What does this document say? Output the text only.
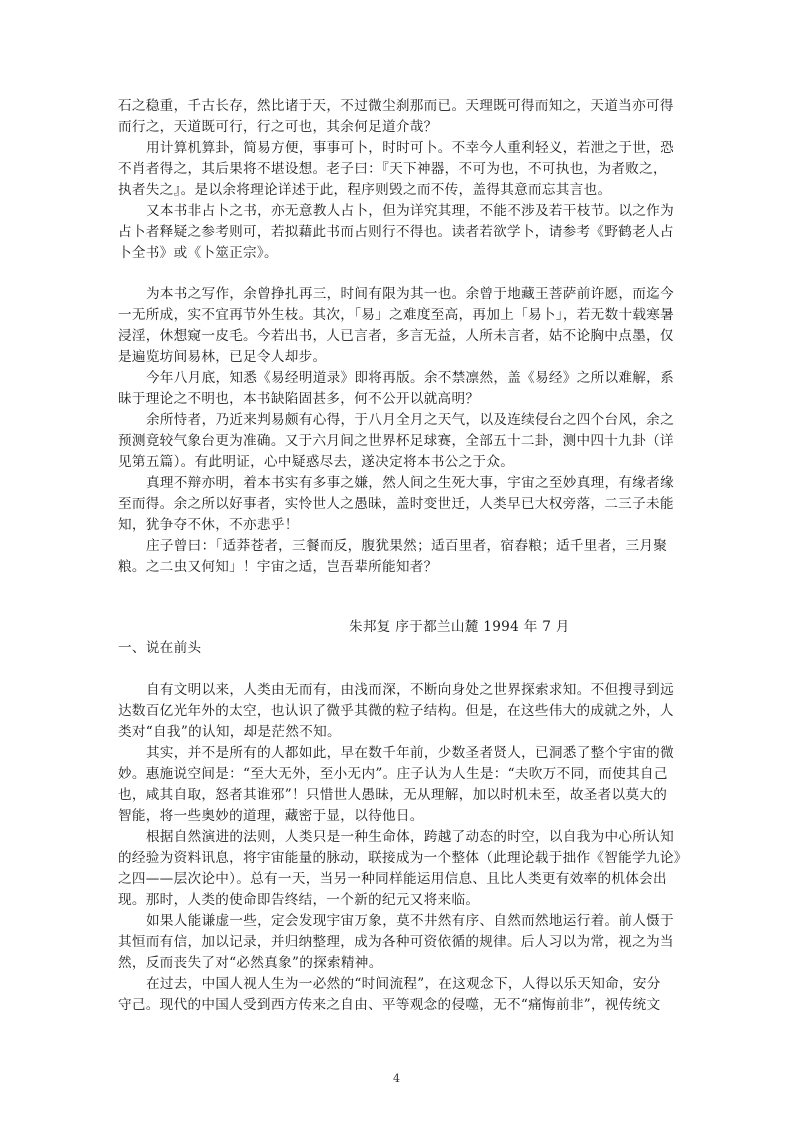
石之稳重，千古长存，然比诸于天，不过微尘刹那而已。天理既可得而知之，天道当亦可得
而行之，天道既可行，行之可也，其余何足道介哉？
用计算机算卦，简易方便，事事可卜，时时可卜。不幸今人重利轻义，若泄之于世，恐
不肖者得之，其后果将不堪设想。老子曰：『天下神器，不可为也，不可执也，为者败之，
执者失之』。是以余将理论详述于此，程序则毁之而不传，盖得其意而忘其言也。
又本书非占卜之书，亦无意教人占卜，但为详究其理，不能不涉及若干枝节。以之作为
占卜者释疑之参考则可，若拟藉此书而占则行不得也。读者若欲学卜，请参考《野鹤老人占
卜全书》或《卜筮正宗》。
为本书之写作，余曾挣扎再三，时间有限为其一也。余曾于地藏王菩萨前许愿，而迄今
一无所成，实不宜再节外生枝。其次，「易」之难度至高，再加上「易卜」，若无数十载寒暑
浸淫，休想窥一皮毛。今若出书，人已言者，多言无益，人所未言者，姑不论胸中点墨，仅
是遍览坊间易林，已足令人却步。
今年八月底，知悉《易经明道录》即将再版。余不禁凛然，盖《易经》之所以难解，系
昧于理论之不明也，本书缺陷固甚多，何不公开以就高明？
余所恃者，乃近来判易颇有心得，于八月全月之天气，以及连续侵台之四个台风，余之
预测竟较气象台更为准确。又于六月间之世界杯足球赛，全部五十二卦，测中四十九卦（详
见第五篇）。有此明证，心中疑惑尽去，遂决定将本书公之于众。
真理不辩亦明，着本书实有多事之嫌，然人间之生死大事，宇宙之至妙真理，有缘者缘
至而得。余之所以好事者，实怜世人之愚昧，盖时变世迁，人类早已大权旁落，二三子未能
知，犹争夺不休，不亦悲乎！
庄子曾曰：「适莽苍者，三餐而反，腹犹果然；适百里者，宿舂粮；适千里者，三月聚
粮。之二虫又何知」！宇宙之适，岂吾辈所能知者？
朱邦复 序于都兰山麓 1994 年 7 月
一、说在前头
自有文明以来，人类由无而有，由浅而深，不断向身处之世界探索求知。不但搜寻到远
达数百亿光年外的太空，也认识了微乎其微的粒子结构。但是，在这些伟大的成就之外，人
类对“自我”的认知，却是茫然不知。
其实，并不是所有的人都如此，早在数千年前，少数圣者贤人，已洞悉了整个宇宙的微
妙。惠施说空间是：“至大无外，至小无内”。庄子认为人生是：“夫吹万不同，而使其自己
也，咸其自取，怒者其谁邪”！只惜世人愚昧，无从理解，加以时机未至，故圣者以莫大的
智能，将一些奥妙的道理，藏密于显，以待他日。
根据自然演进的法则，人类只是一种生命体，跨越了动态的时空，以自我为中心所认知
的经验为资料讯息，将宇宙能量的脉动，联接成为一个整体（此理论载于拙作《智能学九论》
之四——层次论中）。总有一天，当另一种同样能运用信息、且比人类更有效率的机体会出
现。那时，人类的使命即告终结，一个新的纪元又将来临。
如果人能谦虚一些，定会发现宇宙万象，莫不井然有序、自然而然地运行着。前人慑于
其恒而有信，加以记录，并归纳整理，成为各种可资依循的规律。后人习以为常，视之为当
然，反而丧失了对“必然真象”的探索精神。
在过去，中国人视人生为一必然的“时间流程”，在这观念下，人得以乐天知命，安分
守己。现代的中国人受到西方传来之自由、平等观念的侵噬，无不“痛悔前非”，视传统文
4
